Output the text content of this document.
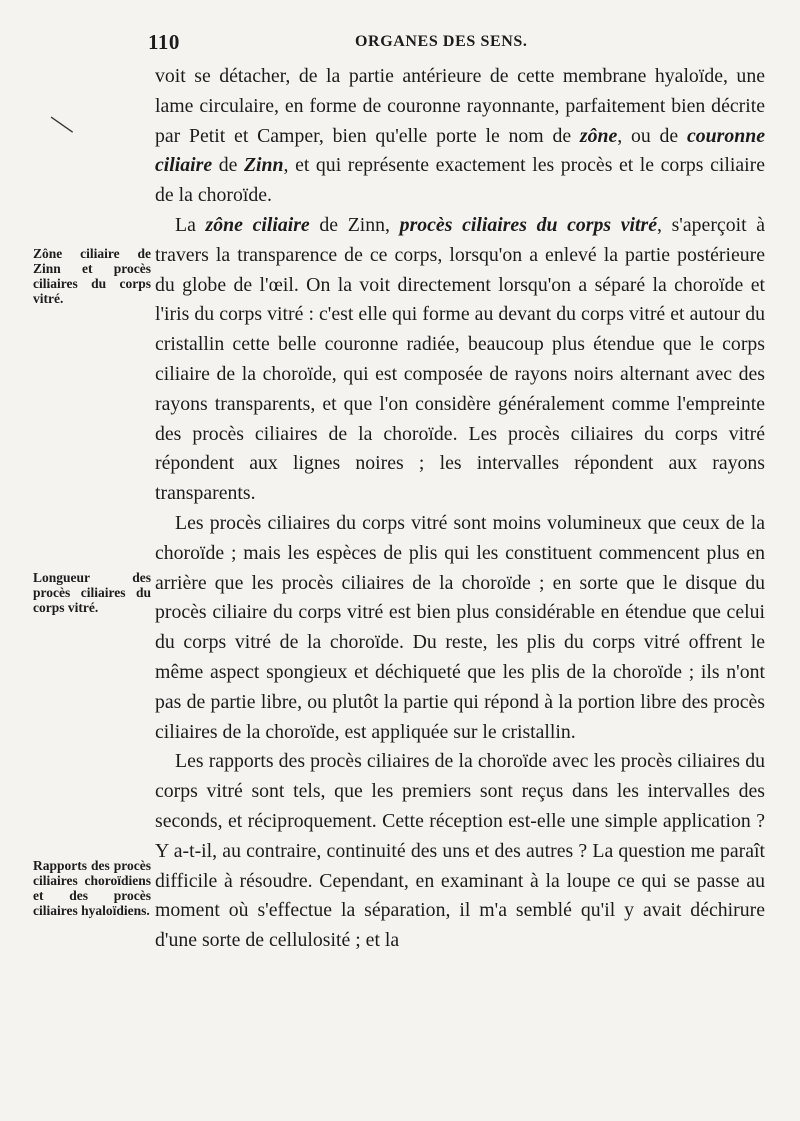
110	ORGANES DES SENS.
—
Zône ciliaire de Zinn et procès ciliaires du corps vitré.
Longueur des procès ciliaires du corps vitré.
Rapports des procès ciliaires choroïdiens et des procès ciliaires hyaloïdiens.

voit se détacher, de la partie antérieure de cette membrane hyaloïde, une lame circulaire, en forme de couronne rayonnante, parfaitement bien décrite par Petit et Camper, bien qu'elle porte le nom de zône, ou de couronne ciliaire de Zinn, et qui représente exactement les procès et le corps ciliaire de la choroïde.

La zône ciliaire de Zinn, procès ciliaires du corps vitré, s'aperçoit à travers la transparence de ce corps, lorsqu'on a enlevé la partie postérieure du globe de l'œil. On la voit directement lorsqu'on a séparé la choroïde et l'iris du corps vitré : c'est elle qui forme au devant du corps vitré et autour du cristallin cette belle couronne radiée, beaucoup plus étendue que le corps ciliaire de la choroïde, qui est composée de rayons noirs alternant avec des rayons transparents, et que l'on considère généralement comme l'empreinte des procès ciliaires de la choroïde. Les procès ciliaires du corps vitré répondent aux lignes noires ; les intervalles répondent aux rayons transparents.

Les procès ciliaires du corps vitré sont moins volumineux que ceux de la choroïde ; mais les espèces de plis qui les constituent commencent plus en arrière que les procès ciliaires de la choroïde ; en sorte que le disque du procès ciliaire du corps vitré est bien plus considérable en étendue que celui du corps vitré de la choroïde. Du reste, les plis du corps vitré offrent le même aspect spongieux et déchiqueté que les plis de la choroïde ; ils n'ont pas de partie libre, ou plutôt la partie qui répond à la portion libre des procès ciliaires de la choroïde, est appliquée sur le cristallin.

Les rapports des procès ciliaires de la choroïde avec les procès ciliaires du corps vitré sont tels, que les premiers sont reçus dans les intervalles des seconds, et réciproquement. Cette réception est-elle une simple application ? Y a-t-il, au contraire, continuité des uns et des autres ? La question me paraît difficile à résoudre. Cependant, en examinant à la loupe ce qui se passe au moment où s'effectue la séparation, il m'a semblé qu'il y avait déchirure d'une sorte de cellulosité ; et la
